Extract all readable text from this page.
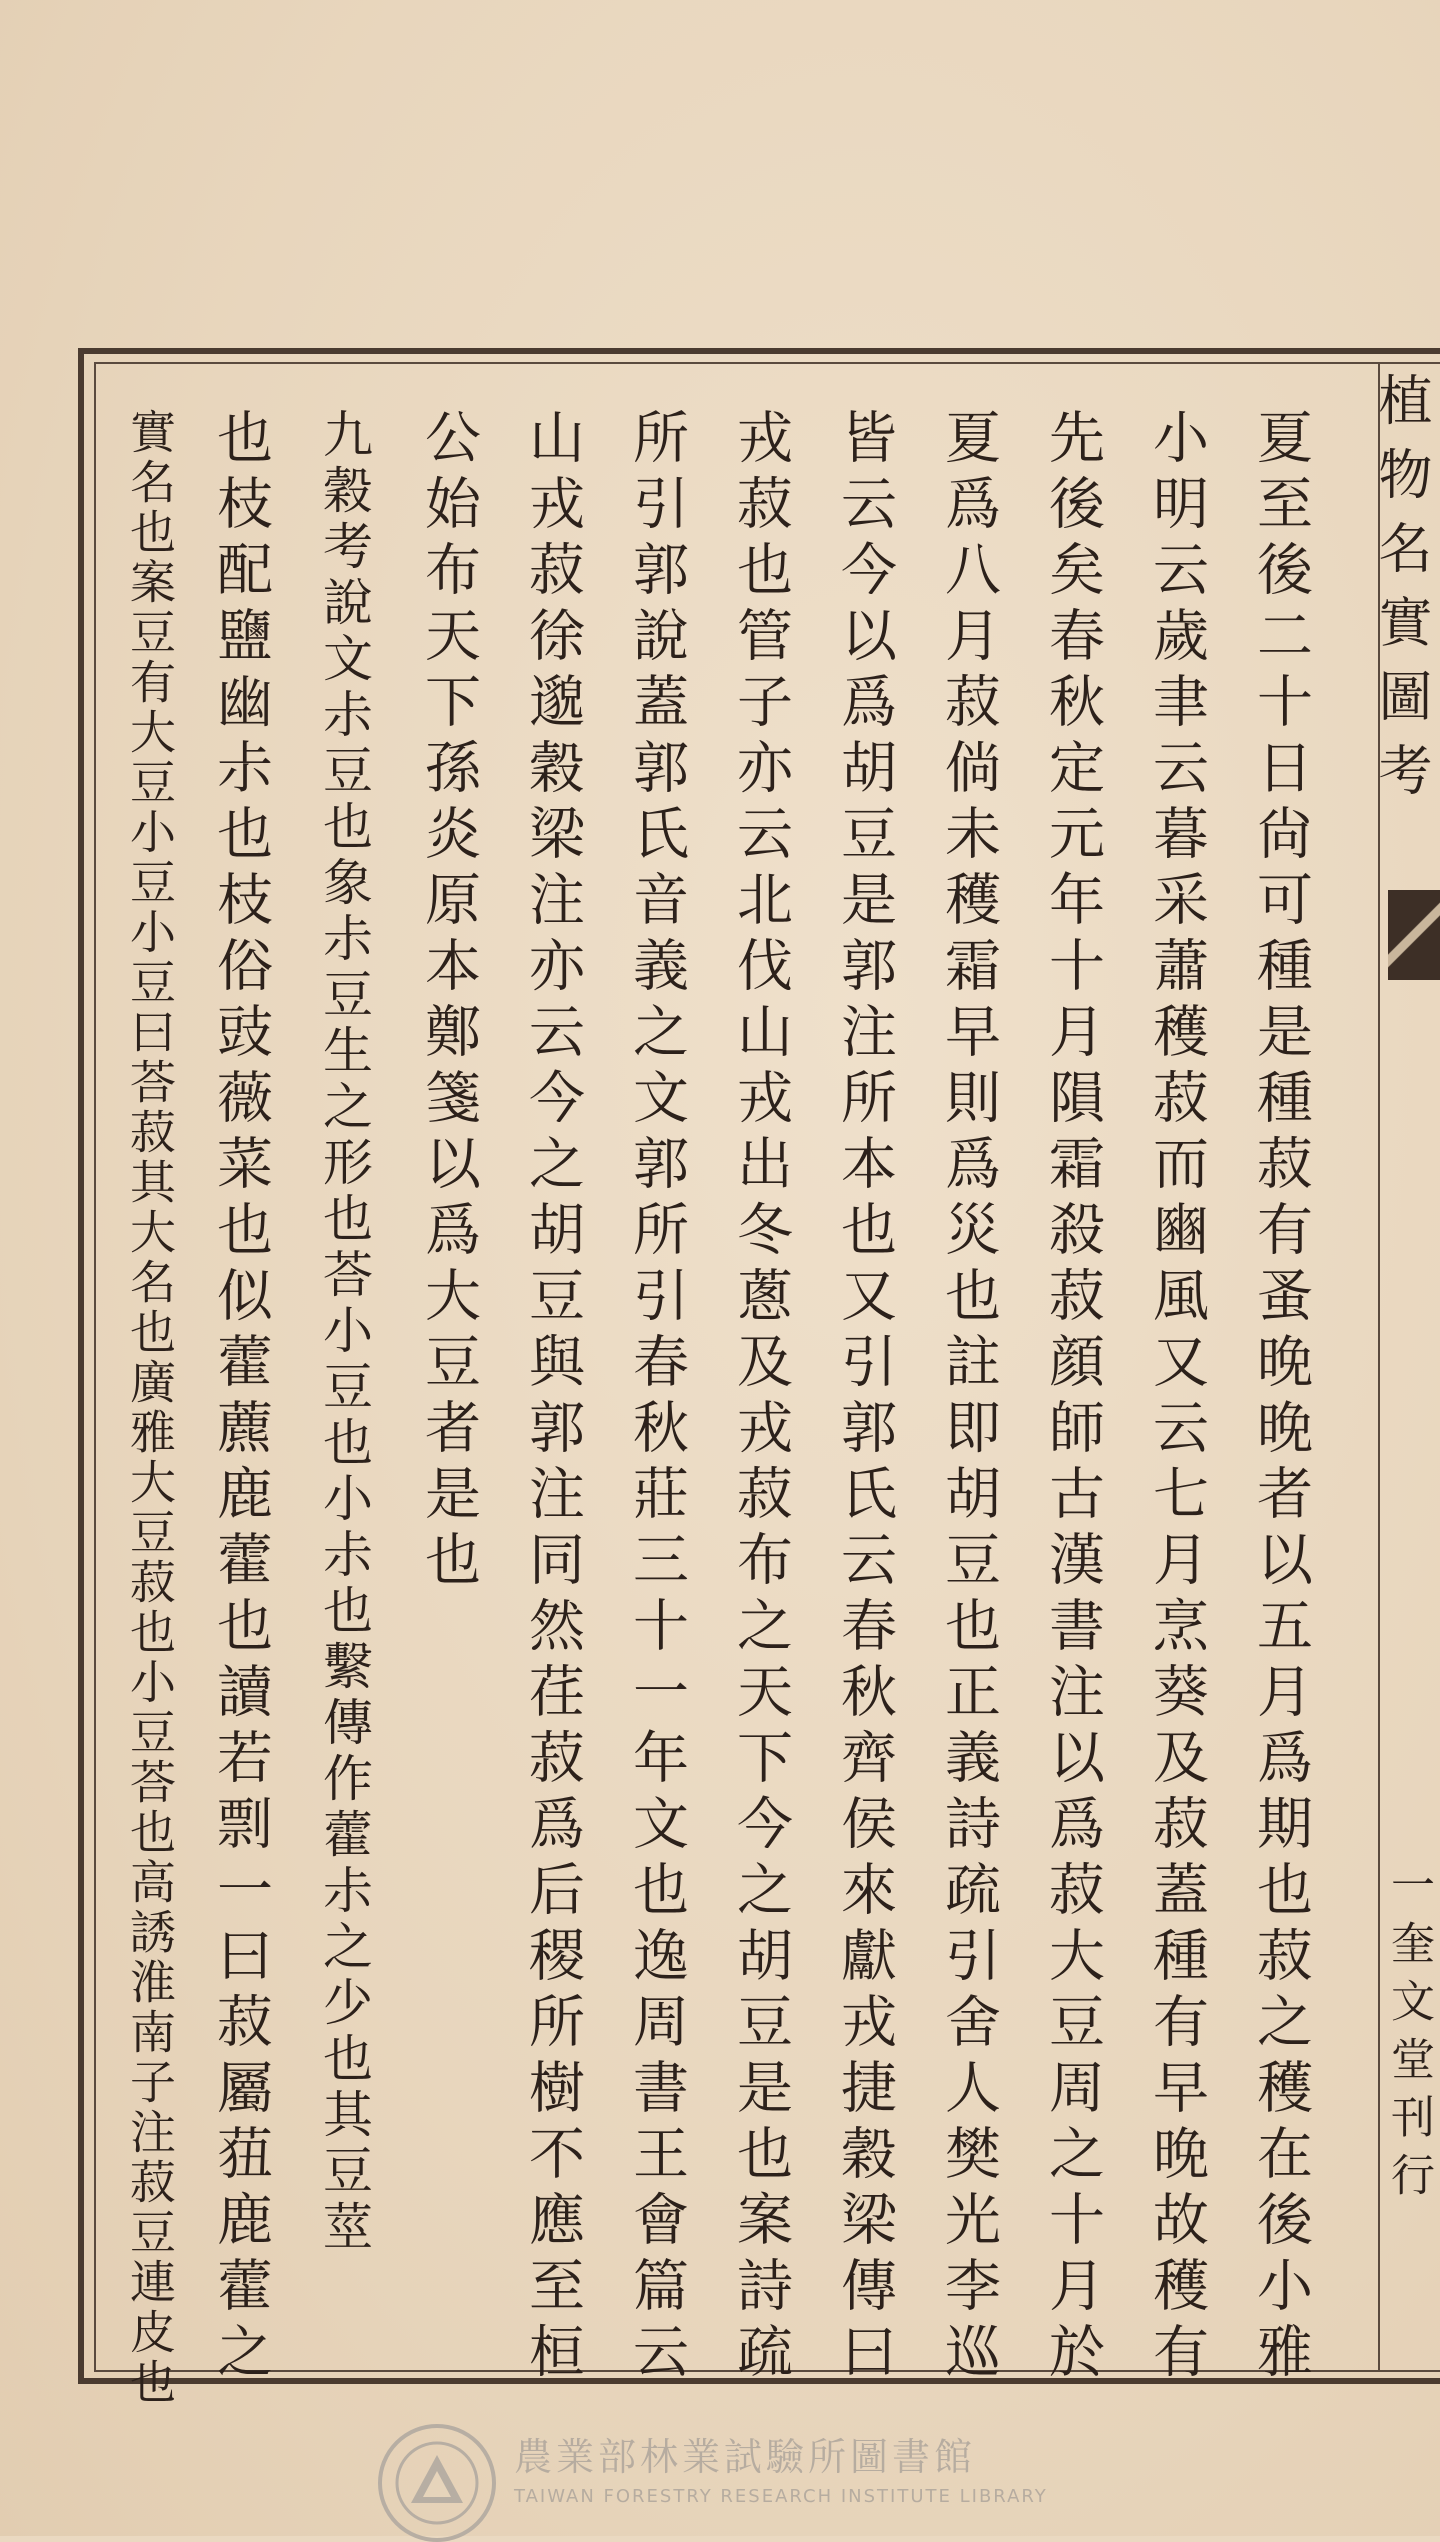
夏至後二十日尙可種是種菽有蚤晚晚者以五月爲期也菽之穫在後小雅
小明云歲聿云暮采蕭穫菽而豳風又云七月烹葵及菽蓋種有早晚故穫有
先後矣春秋定元年十月隕霜殺菽顔師古漢書注以爲菽大豆周之十月於
夏爲八月菽倘未穫霜早則爲災也註即胡豆也正義詩疏引舍人樊光李巡
皆云今以爲胡豆是郭注所本也又引郭氏云春秋齊侯來獻戎捷穀梁傳曰
戎菽也管子亦云北伐山戎出冬蔥及戎菽布之天下今之胡豆是也案詩疏
所引郭說蓋郭氏音義之文郭所引春秋莊三十一年文也逸周書王會篇云
山戎菽徐邈穀梁注亦云今之胡豆與郭注同然荏菽爲后稷所樹不應至桓
公始布天下孫炎原本鄭箋以爲大豆者是也
九穀考說文尗豆也象尗豆生之形也荅小豆也小尗也繫傳作藿尗之少也其豆莖
也枝配鹽幽尗也枝俗豉薇菜也似藿藨鹿藿也讀若剽一曰菽屬莥鹿藿之
實名也案豆有大豆小豆小豆曰荅菽其大名也廣雅大豆菽也小豆荅也高誘淮南子注菽豆連皮也	植物名實圖考
一奎文堂刊行
農業部林業試驗所圖書館
TAIWAN FORESTRY RESEARCH INSTITUTE LIBRARY
